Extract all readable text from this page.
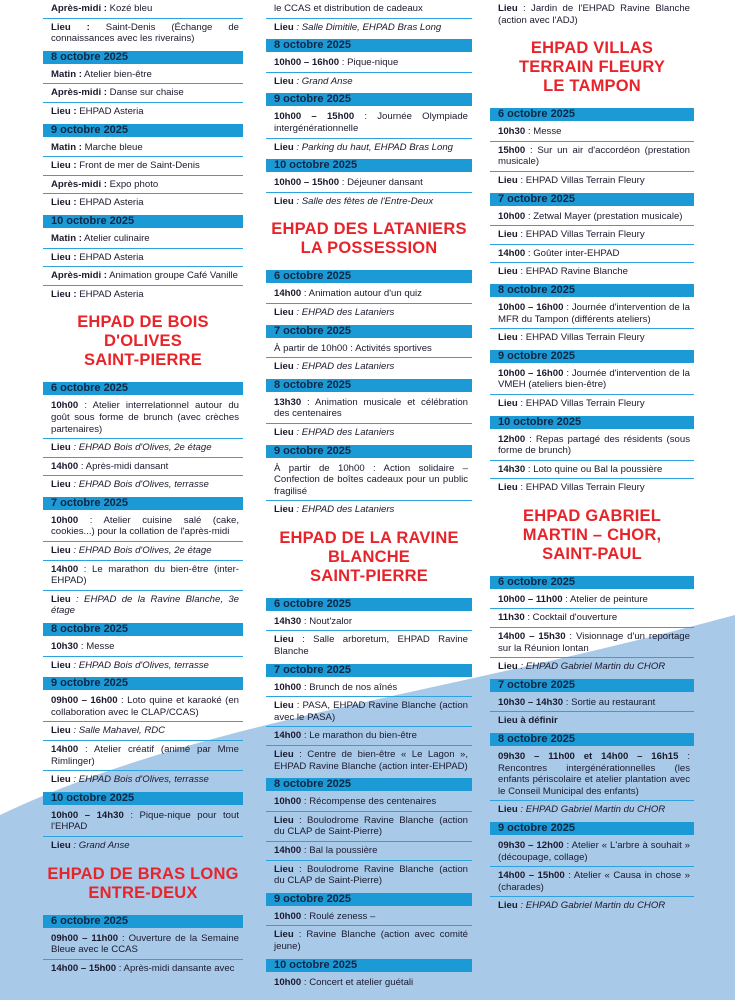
Après-midi : Kozé bleu

Lieu : Saint-Denis (Échange de connaissances avec les riverains)

8 octobre 2025

Matin : Atelier bien-être

Après-midi : Danse sur chaise

Lieu : EHPAD Asteria

9 octobre 2025

Matin : Marche bleue

Lieu : Front de mer de Saint-Denis

Après-midi : Expo photo

Lieu : EHPAD Asteria

10 octobre 2025

Matin : Atelier culinaire

Lieu : EHPAD Asteria

Après-midi : Animation groupe Café Vanille

Lieu : EHPAD Asteria

EHPAD DE BOIS
D'OLIVES
SAINT-PIERRE
6 octobre 2025

10h00 : Atelier interrelationnel autour du goût sous forme de brunch (avec crèches partenaires)

Lieu : EHPAD Bois d'Olives, 2e étage

14h00 : Après-midi dansant

Lieu : EHPAD Bois d'Olives, terrasse

7 octobre 2025

10h00 : Atelier cuisine salé (cake, cookies...) pour la collation de l'après-midi

Lieu : EHPAD Bois d'Olives, 2e étage

14h00 : Le marathon du bien-être (inter-EHPAD)

Lieu : EHPAD de la Ravine Blanche, 3e étage

8 octobre 2025

10h30 : Messe

Lieu : EHPAD Bois d'Olives, terrasse

9 octobre 2025

09h00 – 16h00 : Loto quine et karaoké (en collaboration avec le CLAP/CCAS)

Lieu : Salle Mahavel, RDC

14h00 : Atelier créatif (animé par Mme Rimlinger)

Lieu : EHPAD Bois d'Olives, terrasse

10 octobre 2025

10h00 – 14h30 : Pique-nique pour tout l'EHPAD

Lieu : Grand Anse

EHPAD DE BRAS LONG
ENTRE-DEUX
6 octobre 2025

09h00 – 11h00 : Ouverture de la Semaine Bleue avec le CCAS

14h00 – 15h00 : Après-midi dansante avec

le CCAS et distribution de cadeaux

Lieu : Salle Dimitile, EHPAD Bras Long

8 octobre 2025

10h00 – 16h00 : Pique-nique

Lieu : Grand Anse

9 octobre 2025

10h00 – 15h00 : Journée Olympiade intergénérationnelle

Lieu : Parking du haut, EHPAD Bras Long

10 octobre 2025

10h00 – 15h00 : Déjeuner dansant

Lieu : Salle des fêtes de l'Entre-Deux

EHPAD DES LATANIERS
LA POSSESSION
6 octobre 2025

14h00 : Animation autour d'un quiz

Lieu : EHPAD des Lataniers

7 octobre 2025

À partir de 10h00 : Activités sportives

Lieu : EHPAD des Lataniers

8 octobre 2025

13h30 : Animation musicale et célébration des centenaires

Lieu : EHPAD des Lataniers

9 octobre 2025

À partir de 10h00 : Action solidaire – Confection de boîtes cadeaux pour un public fragilisé

Lieu : EHPAD des Lataniers

EHPAD DE LA RAVINE
BLANCHE
SAINT-PIERRE
6 octobre 2025

14h30 : Nout'zalor

Lieu : Salle arboretum, EHPAD Ravine Blanche

7 octobre 2025

10h00 : Brunch de nos aînés

Lieu : PASA, EHPAD Ravine Blanche (action avec le PASA)

14h00 : Le marathon du bien-être

Lieu : Centre de bien-être « Le Lagon », EHPAD Ravine Blanche (action inter-EHPAD)

8 octobre 2025

10h00 : Récompense des centenaires

Lieu : Boulodrome Ravine Blanche (action du CLAP de Saint-Pierre)

14h00 : Bal la poussière

Lieu : Boulodrome Ravine Blanche (action du CLAP de Saint-Pierre)

9 octobre 2025

10h00 : Roulé zeness –

Lieu : Ravine Blanche (action avec comité jeune)

10 octobre 2025

10h00 : Concert et atelier guétali

Lieu : Jardin de l'EHPAD Ravine Blanche (action avec l'ADJ)

EHPAD VILLAS
TERRAIN FLEURY
LE TAMPON
6 octobre 2025

10h30 : Messe

15h00 : Sur un air d'accordéon (prestation musicale)

Lieu : EHPAD Villas Terrain Fleury

7 octobre 2025

10h00 : Zetwal Mayer (prestation musicale)

Lieu : EHPAD Villas Terrain Fleury

14h00 : Goûter inter-EHPAD

Lieu : EHPAD Ravine Blanche

8 octobre 2025

10h00 – 16h00 : Journée d'intervention de la MFR du Tampon (différents ateliers)

Lieu : EHPAD Villas Terrain Fleury

9 octobre 2025

10h00 – 16h00 : Journée d'intervention de la VMEH (ateliers bien-être)

Lieu : EHPAD Villas Terrain Fleury

10 octobre 2025

12h00 : Repas partagé des résidents (sous forme de brunch)

14h30 : Loto quine ou Bal la poussière

Lieu : EHPAD Villas Terrain Fleury

EHPAD GABRIEL
MARTIN – CHOR,
SAINT-PAUL
6 octobre 2025

10h00 – 11h00 : Atelier de peinture

11h30 : Cocktail d'ouverture

14h00 – 15h30 : Visionnage d'un reportage sur la Réunion lontan

Lieu : EHPAD Gabriel Martin du CHOR

7 octobre 2025

10h30 – 14h30 : Sortie au restaurant

Lieu à définir

8 octobre 2025

09h30 – 11h00 et 14h00 – 16h15 : Rencontres intergénérationnelles (les enfants périscolaire et atelier plantation avec le Conseil Municipal des enfants)

Lieu : EHPAD Gabriel Martin du CHOR

9 octobre 2025

09h30 – 12h00 : Atelier « L'arbre à souhait » (découpage, collage)

14h00 – 15h00 : Atelier « Causa in chose » (charades)

Lieu : EHPAD Gabriel Martin du CHOR
